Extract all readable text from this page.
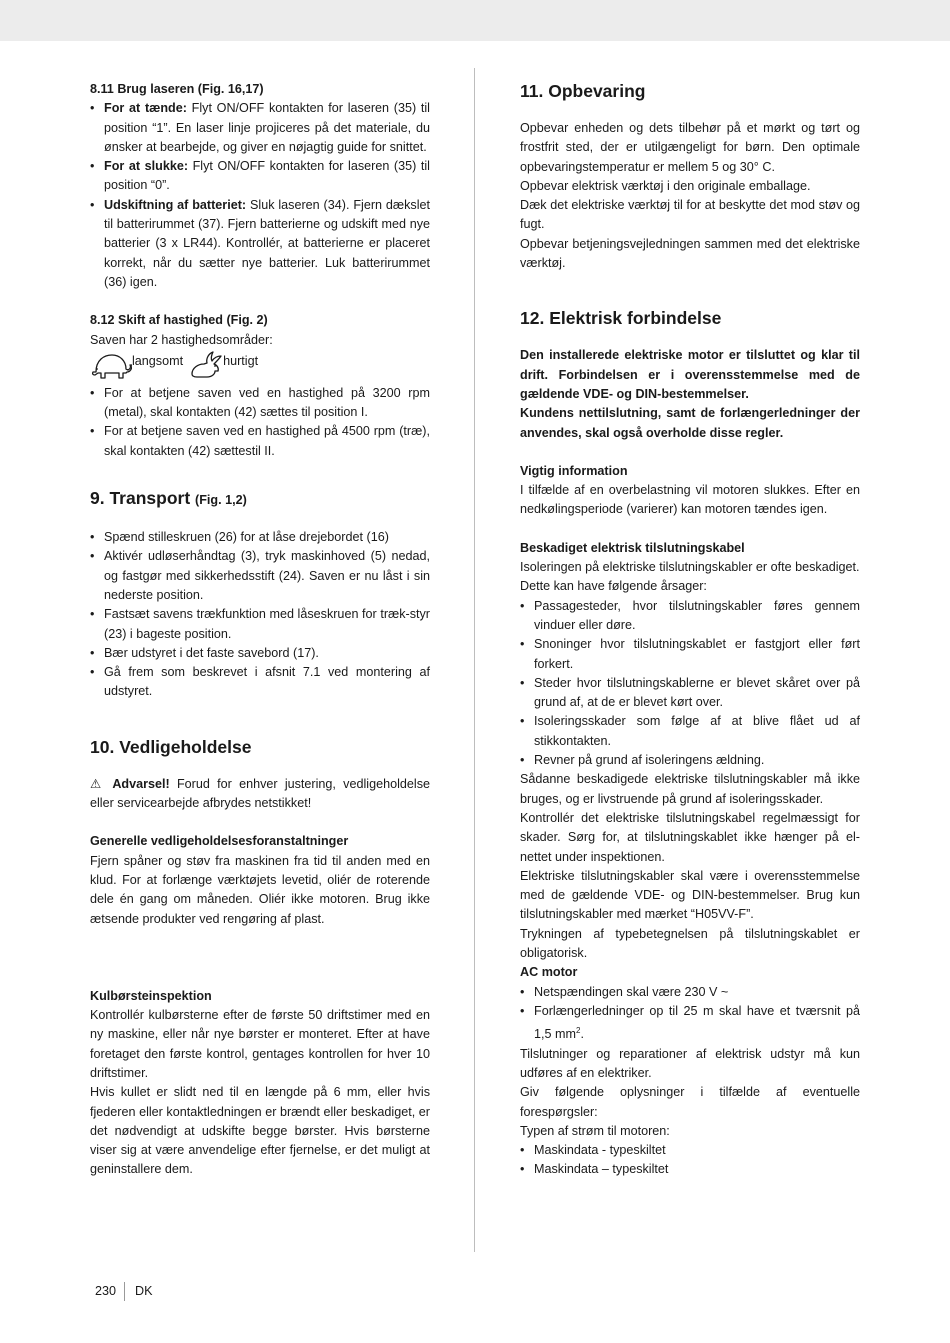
8.11 Brug laseren (Fig. 16,17)

• For at tænde: Flyt ON/OFF kontakten for laseren (35) til position “1”. En laser linje projiceres på det materiale, du ønsker at bearbejde, og giver en nøjagtig guide for snittet.
• For at slukke: Flyt ON/OFF kontakten for laseren (35) til position “0”.
• Udskiftning af batteriet: Sluk laseren (34). Fjern dækslet til batterirummet (37). Fjern batterierne og udskift med nye batterier (3 x LR44). Kontrollér, at batterierne er placeret korrekt, når du sætter nye batterier. Luk batterirummet (36) igen.

8.12 Skift af hastighed (Fig. 2)

Saven har 2 hastighedsområder:

langsomt	hurtigt
• For at betjene saven ved en hastighed på 3200 rpm (metal), skal kontakten (42) sættes til position I.
• For at betjene saven ved en hastighed på 4500 rpm (træ), skal kontakten (42) sættestil II.

9. Transport (Fig. 1,2)

• Spænd stilleskruen (26) for at låse drejebordet (16)
• Aktivér udløserhåndtag (3), tryk maskinhoved (5) nedad, og fastgør med sikkerhedsstift (24). Saven er nu låst i sin nederste position.
• Fastsæt savens trækfunktion med låseskruen for træk-styr (23) i bageste position.
• Bær udstyret i det faste savebord (17).
• Gå frem som beskrevet i afsnit 7.1 ved montering af udstyret.

10. Vedligeholdelse

⚠ Advarsel! Forud for enhver justering, vedligeholdelse eller servicearbejde afbrydes netstikket!

Generelle vedligeholdelsesforanstaltninger

Fjern spåner og støv fra maskinen fra tid til anden med en klud. For at forlænge værktøjets levetid, oliér de roterende dele én gang om måneden. Oliér ikke motoren. Brug ikke ætsende produkter ved rengøring af plast.

Kulbørsteinspektion

Kontrollér kulbørsterne efter de første 50 driftstimer med en ny maskine, eller når nye børster er monteret. Efter at have foretaget den første kontrol, gentages kontrollen for hver 10 driftstimer.

Hvis kullet er slidt ned til en længde på 6 mm, eller hvis fjederen eller kontaktledningen er brændt eller beskadiget, er det nødvendigt at udskifte begge børster. Hvis børsterne viser sig at være anvendelige efter fjernelse, er det muligt at geninstallere dem.

11. Opbevaring

Opbevar enheden og dets tilbehør på et mørkt og tørt og frostfrit sted, der er utilgængeligt for børn. Den optimale opbevaringstemperatur er mellem 5 og 30° C.

Opbevar elektrisk værktøj i den originale emballage.

Dæk det elektriske værktøj til for at beskytte det mod støv og fugt.

Opbevar betjeningsvejledningen sammen med det elektriske værktøj.

12. Elektrisk forbindelse

Den installerede elektriske motor er tilsluttet og klar til drift. Forbindelsen er i overensstemmelse med de gældende VDE- og DIN-bestemmelser.

Kundens nettilslutning, samt de forlængerledninger der anvendes, skal også overholde disse regler.

Vigtig information

I tilfælde af en overbelastning vil motoren slukkes. Efter en nedkølingsperiode (varierer) kan motoren tændes igen.

Beskadiget elektrisk tilslutningskabel

Isoleringen på elektriske tilslutningskabler er ofte beskadiget.

Dette kan have følgende årsager:

• Passagesteder, hvor tilslutningskabler føres gennem vinduer eller døre.
• Snoninger hvor tilslutningskablet er fastgjort eller ført forkert.
• Steder hvor tilslutningskablerne er blevet skåret over på grund af, at de er blevet kørt over.
• Isoleringsskader som følge af at blive flået ud af stikkontakten.
• Revner på grund af isoleringens ældning.

Sådanne beskadigede elektriske tilslutningskabler må ikke bruges, og er livstruende på grund af isoleringsskader.

Kontrollér det elektriske tilslutningskabel regelmæssigt for skader. Sørg for, at tilslutningskablet ikke hænger på el-nettet under inspektionen.

Elektriske tilslutningskabler skal være i overensstemmelse med de gældende VDE- og DIN-bestemmelser. Brug kun tilslutningskabler med mærket “H05VV-F”.

Trykningen af typebetegnelsen på tilslutningskablet er obligatorisk.

AC motor

• Netspændingen skal være 230 V ~
• Forlængerledninger op til 25 m skal have et tværsnit på 1,5 $mm^2$.

Tilslutninger og reparationer af elektrisk udstyr må kun udføres af en elektriker.

Giv følgende oplysninger i tilfælde af eventuelle forespørgsler:

Typen af strøm til motoren:

• Maskindata - typeskiltet
• Maskindata – typeskiltet
230	DK
